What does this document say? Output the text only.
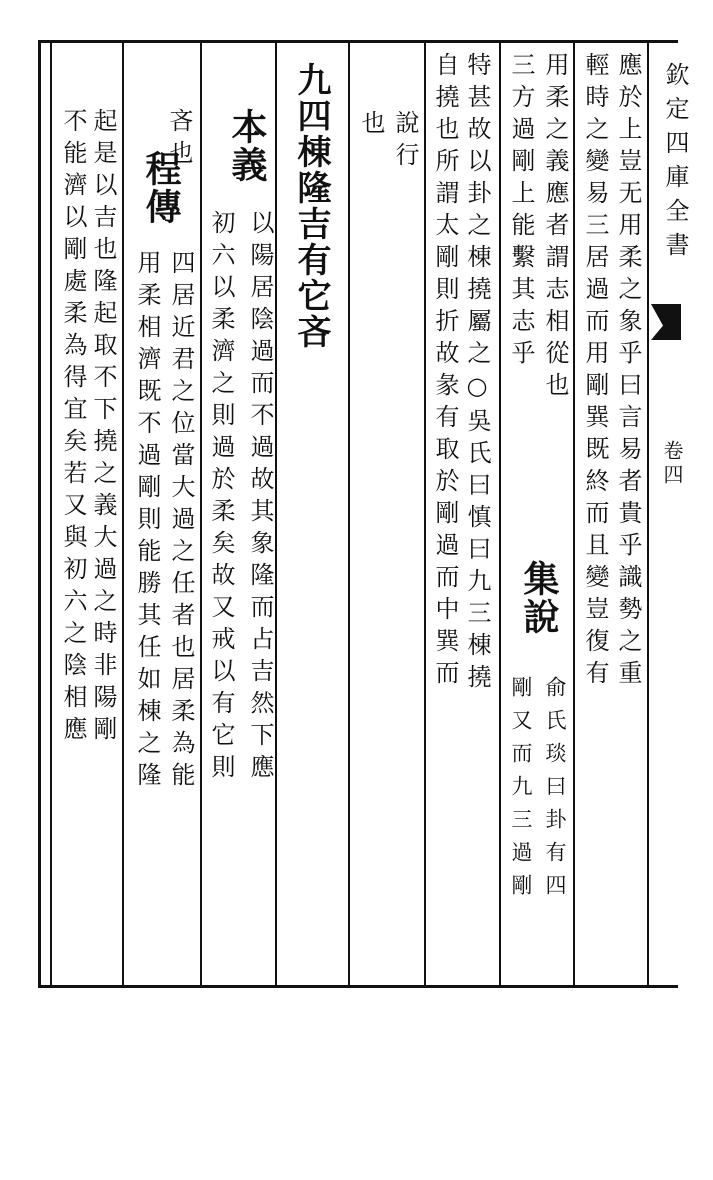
欽定四庫全書
卷四
應於上豈无用柔之象乎曰言易者貴乎識勢之重
輕時之變易三居過而用剛巽既終而且變豈復有
用柔之義應者謂志相從也
三方過剛上能繫其志乎
集說
剛又而九三過剛 俞氏琰曰卦有四
特甚故以卦之棟撓屬之○吳氏曰慎曰九三棟撓
自撓也所謂太剛則折故彖有取於剛過而中巽而
說行
也
九四棟隆吉有它吝
本義
以陽居陰過而不過故其象隆而占吉然下應
初六以柔濟之則過於柔矣故又戒以有它則
吝也
程傳
四居近君之位當大過之任者也居柔為能
用柔相濟既不過剛則能勝其任如棟之隆
起是以吉也隆起取不下撓之義大過之時非陽剛
不能濟以剛處柔為得宜矣若又與初六之陰相應
